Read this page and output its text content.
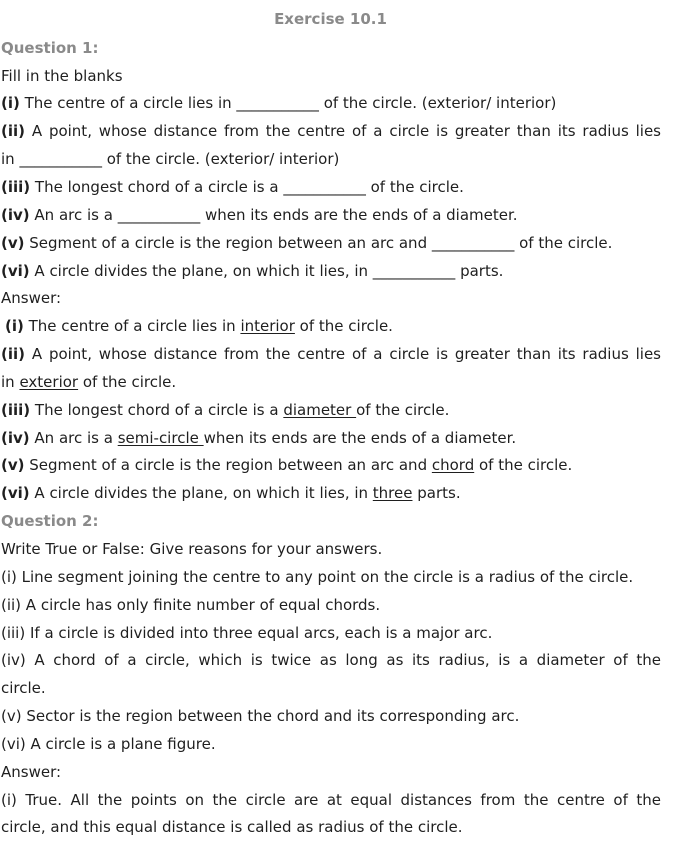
Exercise 10.1
Question 1:
Fill in the blanks
(i) The centre of a circle lies in ___________ of the circle. (exterior/ interior)
(ii) A point, whose distance from the centre of a circle is greater than its radius lies
in ___________ of the circle. (exterior/ interior)
(iii) The longest chord of a circle is a ___________ of the circle.
(iv) An arc is a ___________ when its ends are the ends of a diameter.
(v) Segment of a circle is the region between an arc and ___________ of the circle.
(vi) A circle divides the plane, on which it lies, in ___________ parts.
Answer:
(i) The centre of a circle lies in interior of the circle.
(ii) A point, whose distance from the centre of a circle is greater than its radius lies
in exterior of the circle.
(iii) The longest chord of a circle is a diameter of the circle.
(iv) An arc is a semi-circle when its ends are the ends of a diameter.
(v) Segment of a circle is the region between an arc and chord of the circle.
(vi) A circle divides the plane, on which it lies, in three parts.
Question 2:
Write True or False: Give reasons for your answers.
(i) Line segment joining the centre to any point on the circle is a radius of the circle.
(ii) A circle has only finite number of equal chords.
(iii) If a circle is divided into three equal arcs, each is a major arc.
(iv) A chord of a circle, which is twice as long as its radius, is a diameter of the
circle.
(v) Sector is the region between the chord and its corresponding arc.
(vi) A circle is a plane figure.
Answer:
(i) True. All the points on the circle are at equal distances from the centre of the
circle, and this equal distance is called as radius of the circle.
